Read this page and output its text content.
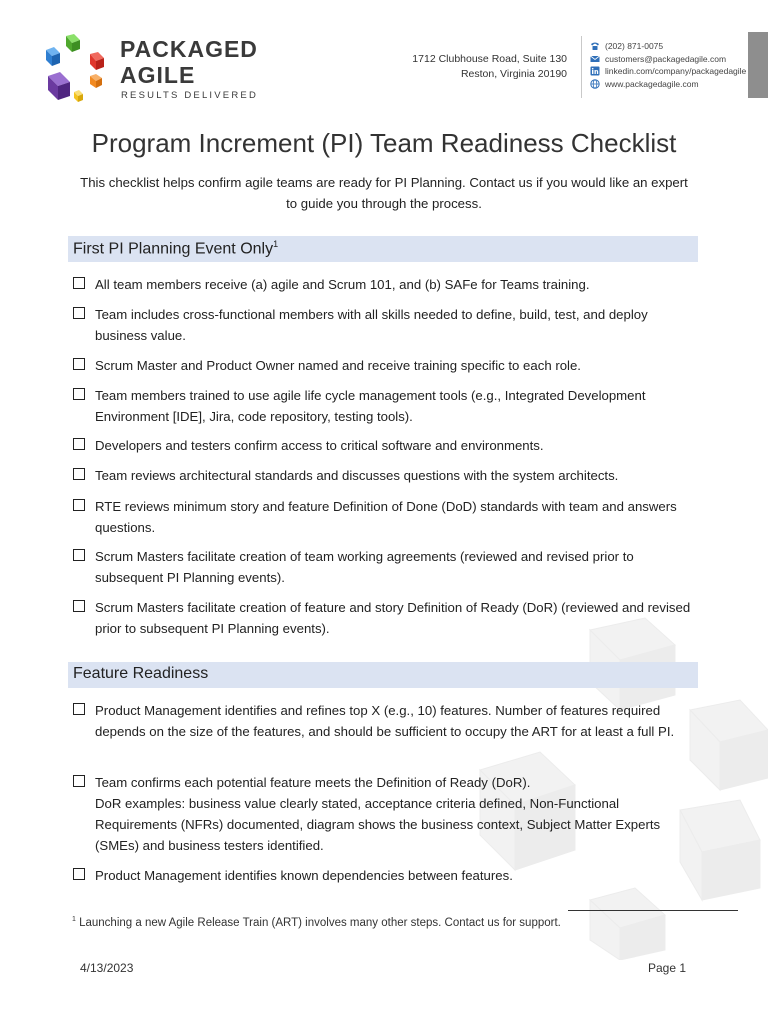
PACKAGED
AGILE
RESULTS DELIVERED
1712 Clubhouse Road, Suite 130
Reston, Virginia 20190
(202) 871-0075
customers@packagedagile.com
linkedin.com/company/packagedagile
www.packagedagile.com
Program Increment (PI) Team Readiness Checklist
This checklist helps confirm agile teams are ready for PI Planning. Contact us if you would like an expert to guide you through the process.
First PI Planning Event Only$^1$
All team members receive (a) agile and Scrum 101, and (b) SAFe for Teams training.
Team includes cross-functional members with all skills needed to define, build, test, and deploy business value.
Scrum Master and Product Owner named and receive training specific to each role.
Team members trained to use agile life cycle management tools (e.g., Integrated Development Environment [IDE], Jira, code repository, testing tools).
Developers and testers confirm access to critical software and environments.
Team reviews architectural standards and discusses questions with the system architects.
RTE reviews minimum story and feature Definition of Done (DoD) standards with team and answers questions.
Scrum Masters facilitate creation of team working agreements (reviewed and revised prior to subsequent PI Planning events).
Scrum Masters facilitate creation of feature and story Definition of Ready (DoR) (reviewed and revised prior to subsequent PI Planning events).
Feature Readiness
Product Management identifies and refines top X (e.g., 10) features. Number of features required depends on the size of the features, and should be sufficient to occupy the ART for at least a full PI.
Team confirms each potential feature meets the Definition of Ready (DoR).
DoR examples: business value clearly stated, acceptance criteria defined, Non-Functional Requirements (NFRs) documented, diagram shows the business context, Subject Matter Experts (SMEs) and business testers identified.
Product Management identifies known dependencies between features.
$^1$ Launching a new Agile Release Train (ART) involves many other steps. Contact us for support.
4/13/2023	Page 1
